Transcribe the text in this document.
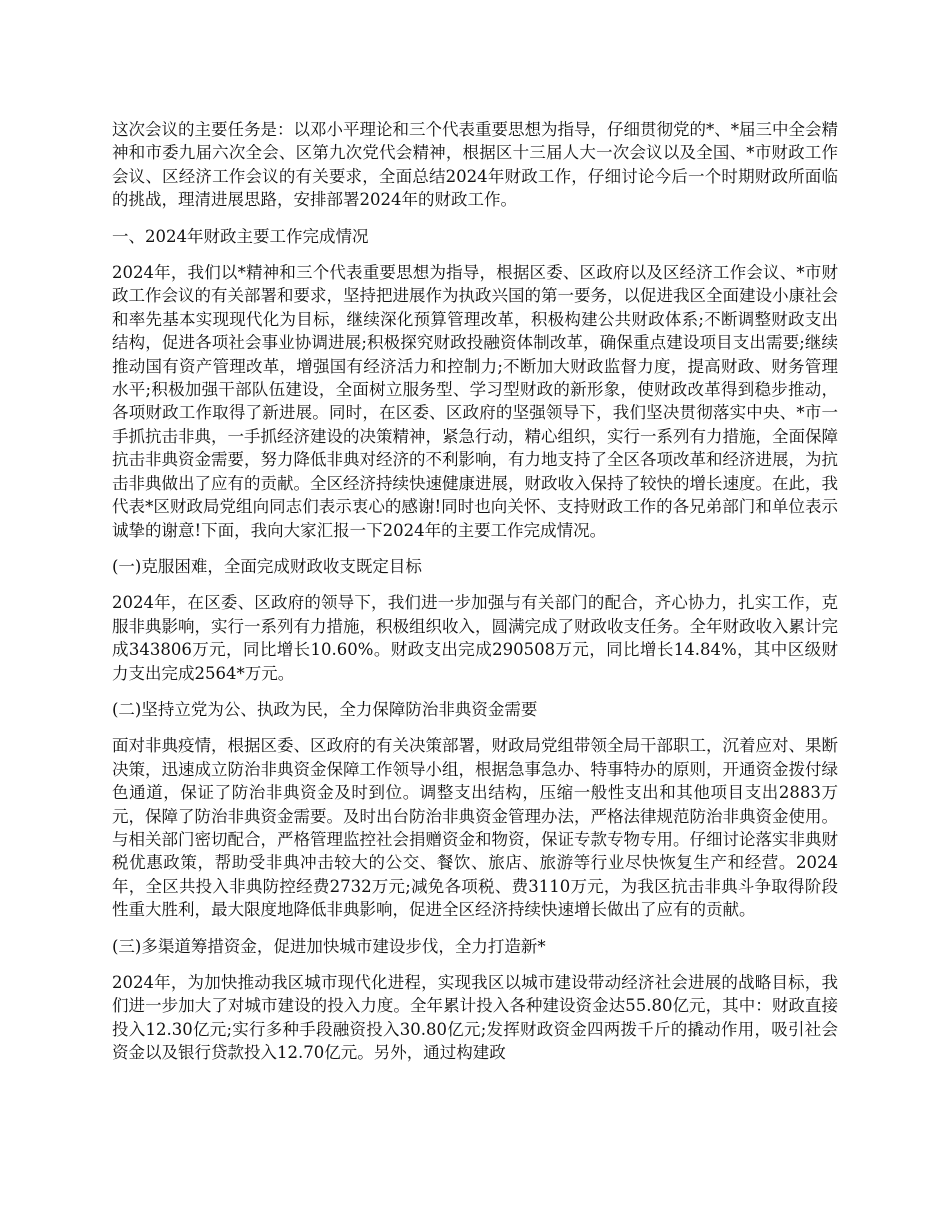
这次会议的主要任务是：以邓小平理论和三个代表重要思想为指导，仔细贯彻党的*、*届三中全会精神和市委九届六次全会、区第九次党代会精神，根据区十三届人大一次会议以及全国、*市财政工作会议、区经济工作会议的有关要求，全面总结2024年财政工作，仔细讨论今后一个时期财政所面临的挑战，理清进展思路，安排部署2024年的财政工作。

一、2024年财政主要工作完成情况

2024年，我们以*精神和三个代表重要思想为指导，根据区委、区政府以及区经济工作会议、*市财政工作会议的有关部署和要求，坚持把进展作为执政兴国的第一要务，以促进我区全面建设小康社会和率先基本实现现代化为目标，继续深化预算管理改革，积极构建公共财政体系;不断调整财政支出结构，促进各项社会事业协调进展;积极探究财政投融资体制改革，确保重点建设项目支出需要;继续推动国有资产管理改革，增强国有经济活力和控制力;不断加大财政监督力度，提高财政、财务管理水平;积极加强干部队伍建设，全面树立服务型、学习型财政的新形象，使财政改革得到稳步推动，各项财政工作取得了新进展。同时，在区委、区政府的坚强领导下，我们坚决贯彻落实中央、*市一手抓抗击非典，一手抓经济建设的决策精神，紧急行动，精心组织，实行一系列有力措施，全面保障抗击非典资金需要，努力降低非典对经济的不利影响，有力地支持了全区各项改革和经济进展，为抗击非典做出了应有的贡献。全区经济持续快速健康进展，财政收入保持了较快的增长速度。在此，我代表*区财政局党组向同志们表示衷心的感谢!同时也向关怀、支持财政工作的各兄弟部门和单位表示诚挚的谢意!下面，我向大家汇报一下2024年的主要工作完成情况。

(一)克服困难，全面完成财政收支既定目标

2024年，在区委、区政府的领导下，我们进一步加强与有关部门的配合，齐心协力，扎实工作，克服非典影响，实行一系列有力措施，积极组织收入，圆满完成了财政收支任务。全年财政收入累计完成343806万元，同比增长10.60%。财政支出完成290508万元，同比增长14.84%，其中区级财力支出完成2564*万元。

(二)坚持立党为公、执政为民，全力保障防治非典资金需要

面对非典疫情，根据区委、区政府的有关决策部署，财政局党组带领全局干部职工，沉着应对、果断决策，迅速成立防治非典资金保障工作领导小组，根据急事急办、特事特办的原则，开通资金拨付绿色通道，保证了防治非典资金及时到位。调整支出结构，压缩一般性支出和其他项目支出2883万元，保障了防治非典资金需要。及时出台防治非典资金管理办法，严格法律规范防治非典资金使用。与相关部门密切配合，严格管理监控社会捐赠资金和物资，保证专款专物专用。仔细讨论落实非典财税优惠政策，帮助受非典冲击较大的公交、餐饮、旅店、旅游等行业尽快恢复生产和经营。2024年，全区共投入非典防控经费2732万元;减免各项税、费3110万元，为我区抗击非典斗争取得阶段性重大胜利，最大限度地降低非典影响，促进全区经济持续快速增长做出了应有的贡献。

(三)多渠道筹措资金，促进加快城市建设步伐，全力打造新*

2024年，为加快推动我区城市现代化进程，实现我区以城市建设带动经济社会进展的战略目标，我们进一步加大了对城市建设的投入力度。全年累计投入各种建设资金达55.80亿元，其中：财政直接投入12.30亿元;实行多种手段融资投入30.80亿元;发挥财政资金四两拨千斤的撬动作用，吸引社会资金以及银行贷款投入12.70亿元。另外，通过构建政
